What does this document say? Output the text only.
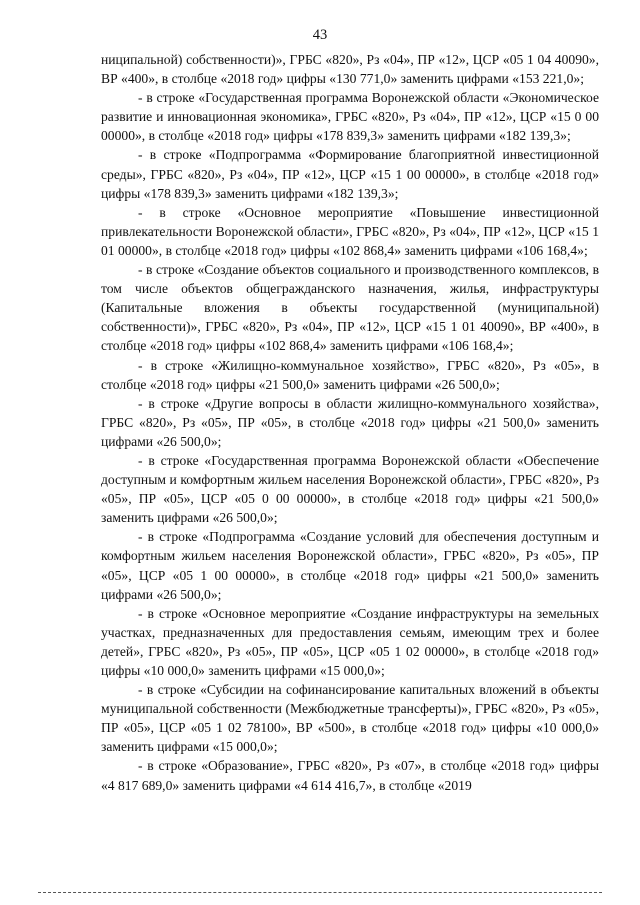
43

ниципальной) собственности)», ГРБС «820», Рз «04», ПР «12», ЦСР «05 1 04 40090», ВР «400», в столбце «2018 год» цифры «130 771,0» заменить цифрами «153 221,0»;

- в строке «Государственная программа Воронежской области «Экономическое развитие и инновационная экономика», ГРБС «820», Рз «04», ПР «12», ЦСР «15 0 00 00000», в столбце «2018 год» цифры «178 839,3» заменить цифрами «182 139,3»;

- в строке «Подпрограмма «Формирование благоприятной инвестиционной среды», ГРБС «820», Рз «04», ПР «12», ЦСР «15 1 00 00000», в столбце «2018 год» цифры «178 839,3» заменить цифрами «182 139,3»;

- в строке «Основное мероприятие «Повышение инвестиционной привлекательности Воронежской области», ГРБС «820», Рз «04», ПР «12», ЦСР «15 1 01 00000», в столбце «2018 год» цифры «102 868,4» заменить цифрами «106 168,4»;

- в строке «Создание объектов социального и производственного комплексов, в том числе объектов общегражданского назначения, жилья, инфраструктуры (Капитальные вложения в объекты государственной (муниципальной) собственности)», ГРБС «820», Рз «04», ПР «12», ЦСР «15 1 01 40090», ВР «400», в столбце «2018 год» цифры «102 868,4» заменить цифрами «106 168,4»;

- в строке «Жилищно-коммунальное хозяйство», ГРБС «820», Рз «05», в столбце «2018 год» цифры «21 500,0» заменить цифрами «26 500,0»;

- в строке «Другие вопросы в области жилищно-коммунального хозяйства», ГРБС «820», Рз «05», ПР «05», в столбце «2018 год» цифры «21 500,0» заменить цифрами «26 500,0»;

- в строке «Государственная программа Воронежской области «Обеспечение доступным и комфортным жильем населения Воронежской области», ГРБС «820», Рз «05», ПР «05», ЦСР «05 0 00 00000», в столбце «2018 год» цифры «21 500,0» заменить цифрами «26 500,0»;

- в строке «Подпрограмма «Создание условий для обеспечения доступным и комфортным жильем населения Воронежской области», ГРБС «820», Рз «05», ПР «05», ЦСР «05 1 00 00000», в столбце «2018 год» цифры «21 500,0» заменить цифрами «26 500,0»;

- в строке «Основное мероприятие «Создание инфраструктуры на земельных участках, предназначенных для предоставления семьям, имеющим трех и более детей», ГРБС «820», Рз «05», ПР «05», ЦСР «05 1 02 00000», в столбце «2018 год» цифры «10 000,0» заменить цифрами «15 000,0»;

- в строке «Субсидии на софинансирование капитальных вложений в объекты муниципальной собственности (Межбюджетные трансферты)», ГРБС «820», Рз «05», ПР «05», ЦСР «05 1 02 78100», ВР «500», в столбце «2018 год» цифры «10 000,0» заменить цифрами «15 000,0»;

- в строке «Образование», ГРБС «820», Рз «07», в столбце «2018 год» цифры «4 817 689,0» заменить цифрами «4 614 416,7», в столбце «2019
